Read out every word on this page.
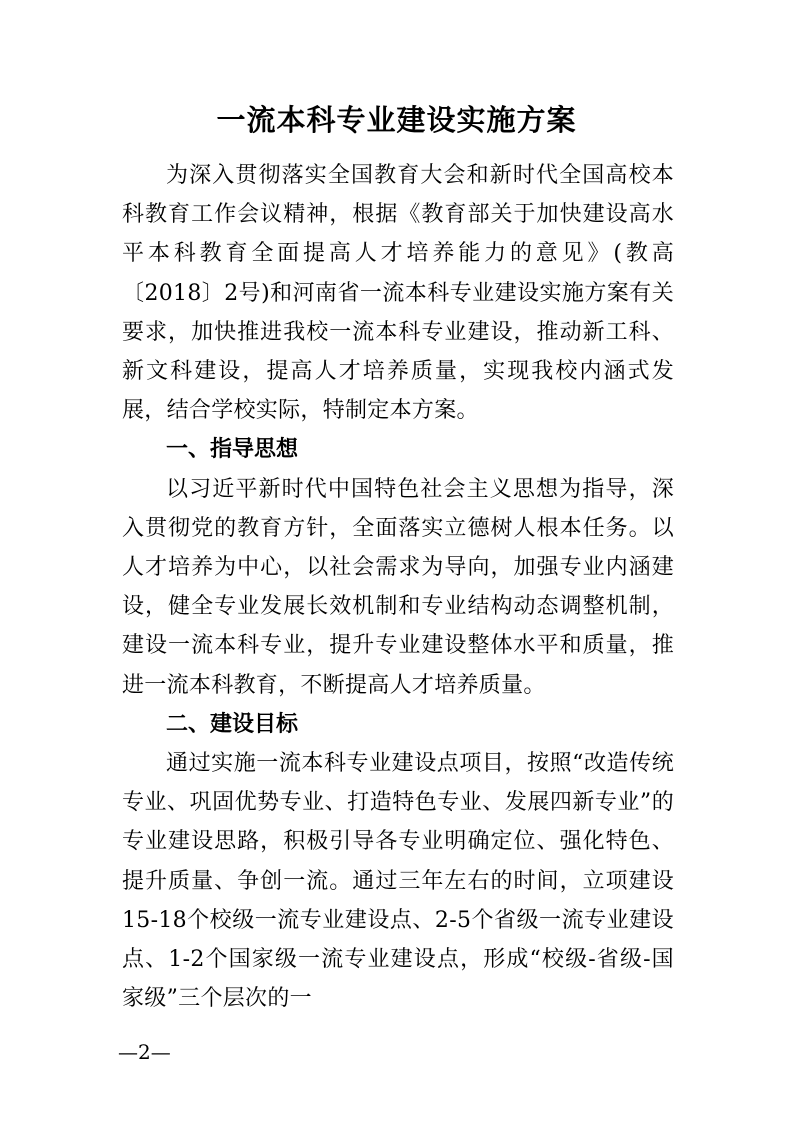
一流本科专业建设实施方案

为深入贯彻落实全国教育大会和新时代全国高校本科教育工作会议精神，根据《教育部关于加快建设高水平本科教育全面提高人才培养能力的意见》(教高〔2018〕2号)和河南省一流本科专业建设实施方案有关要求，加快推进我校一流本科专业建设，推动新工科、新文科建设，提高人才培养质量，实现我校内涵式发展，结合学校实际，特制定本方案。

一、指导思想

以习近平新时代中国特色社会主义思想为指导，深入贯彻党的教育方针，全面落实立德树人根本任务。以人才培养为中心，以社会需求为导向，加强专业内涵建设，健全专业发展长效机制和专业结构动态调整机制，建设一流本科专业，提升专业建设整体水平和质量，推进一流本科教育，不断提高人才培养质量。

二、建设目标

通过实施一流本科专业建设点项目，按照“改造传统专业、巩固优势专业、打造特色专业、发展四新专业”的专业建设思路，积极引导各专业明确定位、强化特色、提升质量、争创一流。通过三年左右的时间，立项建设15-18个校级一流专业建设点、2-5个省级一流专业建设点、1-2个国家级一流专业建设点，形成“校级-省级-国家级”三个层次的一

—2—
